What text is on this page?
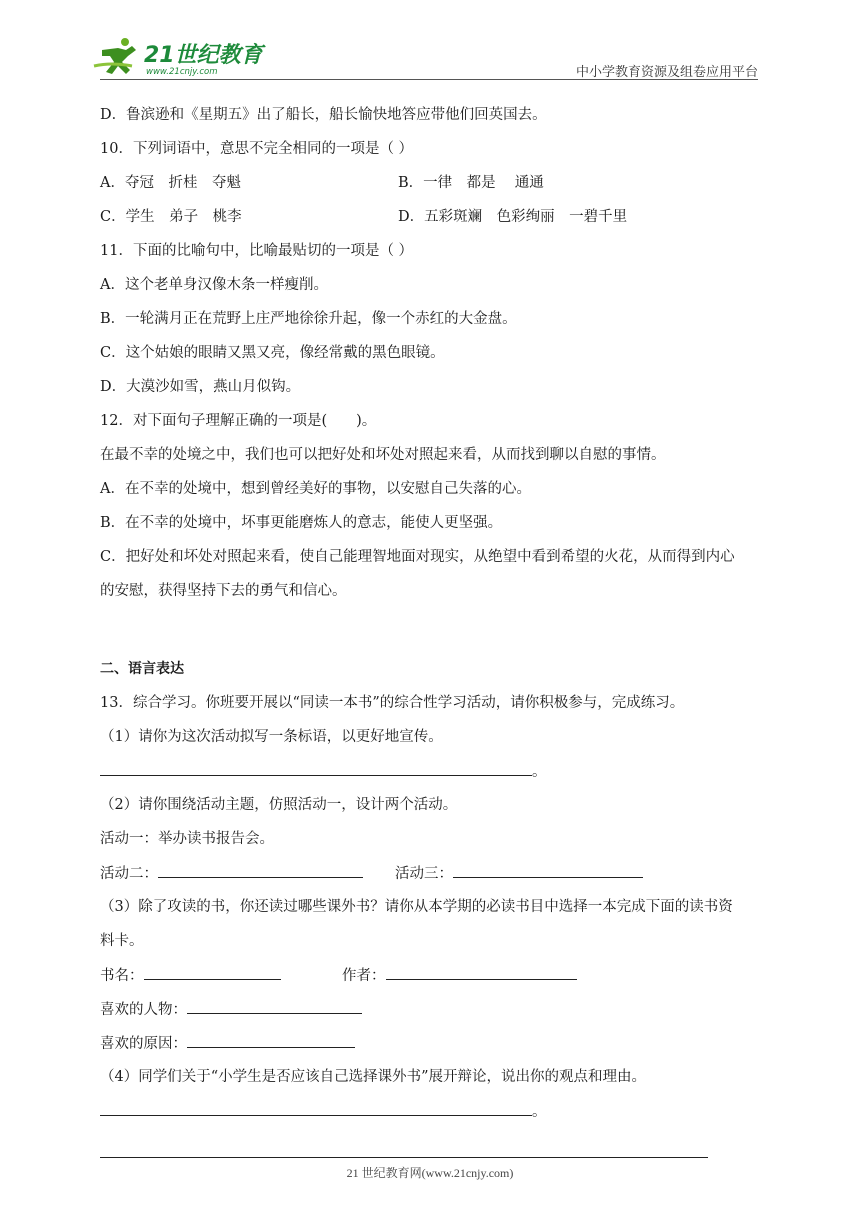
21世纪教育
www.21cnjy.com	中小学教育资源及组卷应用平台
D．鲁滨逊和《星期五》出了船长，船长愉快地答应带他们回英国去。
10．下列词语中，意思不完全相同的一项是（ ）
A．夺冠　折桂　夺魁	B．一律　都是　 通通
C．学生　弟子　桃李	D．五彩斑斓　色彩绚丽　一碧千里
11．下面的比喻句中，比喻最贴切的一项是（ ）
A．这个老单身汉像木条一样瘦削。
B．一轮满月正在荒野上庄严地徐徐升起，像一个赤红的大金盘。
C．这个姑娘的眼睛又黑又亮，像经常戴的黑色眼镜。
D．大漠沙如雪，燕山月似钩。
12．对下面句子理解正确的一项是(　　)。
在最不幸的处境之中，我们也可以把好处和坏处对照起来看，从而找到聊以自慰的事情。
A．在不幸的处境中，想到曾经美好的事物，以安慰自己失落的心。
B．在不幸的处境中，坏事更能磨炼人的意志，能使人更坚强。
C．把好处和坏处对照起来看，使自己能理智地面对现实，从绝望中看到希望的火花，从而得到内心
的安慰，获得坚持下去的勇气和信心。
二、语言表达
13．综合学习。你班要开展以“同读一本书”的综合性学习活动，请你积极参与，完成练习。
（1）请你为这次活动拟写一条标语，以更好地宣传。
。
（2）请你围绕活动主题，仿照活动一，设计两个活动。
活动一：举办读书报告会。
活动二：	活动三：
（3）除了攻读的书，你还读过哪些课外书？请你从本学期的必读书目中选择一本完成下面的读书资
料卡。
书名：	作者：
喜欢的人物：
喜欢的原因：
（4）同学们关于“小学生是否应该自己选择课外书”展开辩论，说出你的观点和理由。
。
21 世纪教育网(www.21cnjy.com)
